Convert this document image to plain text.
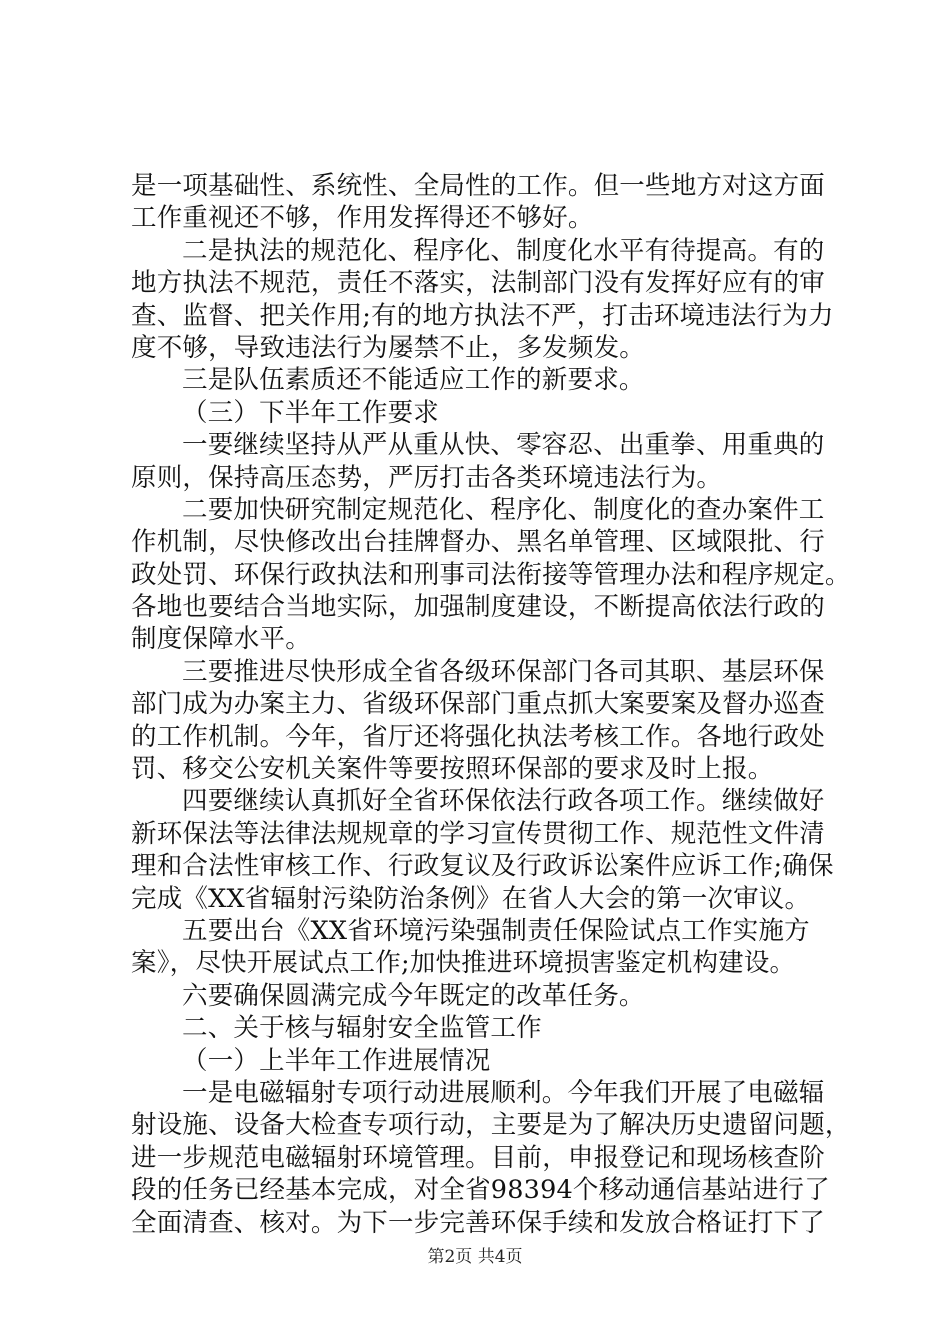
是一项基础性、系统性、全局性的工作。但一些地方对这方面
工作重视还不够，作用发挥得还不够好。
二是执法的规范化、程序化、制度化水平有待提高。有的
地方执法不规范，责任不落实，法制部门没有发挥好应有的审
查、监督、把关作用;有的地方执法不严，打击环境违法行为力
度不够，导致违法行为屡禁不止，多发频发。
三是队伍素质还不能适应工作的新要求。
（三）下半年工作要求
一要继续坚持从严从重从快、零容忍、出重拳、用重典的
原则，保持高压态势，严厉打击各类环境违法行为。
二要加快研究制定规范化、程序化、制度化的查办案件工
作机制，尽快修改出台挂牌督办、黑名单管理、区域限批、行
政处罚、环保行政执法和刑事司法衔接等管理办法和程序规定。
各地也要结合当地实际，加强制度建设，不断提高依法行政的
制度保障水平。
三要推进尽快形成全省各级环保部门各司其职、基层环保
部门成为办案主力、省级环保部门重点抓大案要案及督办巡查
的工作机制。今年，省厅还将强化执法考核工作。各地行政处
罚、移交公安机关案件等要按照环保部的要求及时上报。
四要继续认真抓好全省环保依法行政各项工作。继续做好
新环保法等法律法规规章的学习宣传贯彻工作、规范性文件清
理和合法性审核工作、行政复议及行政诉讼案件应诉工作;确保
完成《XX省辐射污染防治条例》在省人大会的第一次审议。
五要出台《XX省环境污染强制责任保险试点工作实施方
案》，尽快开展试点工作;加快推进环境损害鉴定机构建设。
六要确保圆满完成今年既定的改革任务。
二、关于核与辐射安全监管工作
（一）上半年工作进展情况
一是电磁辐射专项行动进展顺利。今年我们开展了电磁辐
射设施、设备大检查专项行动，主要是为了解决历史遗留问题，
进一步规范电磁辐射环境管理。目前，申报登记和现场核查阶
段的任务已经基本完成，对全省98394个移动通信基站进行了
全面清查、核对。为下一步完善环保手续和发放合格证打下了
第2页 共4页
